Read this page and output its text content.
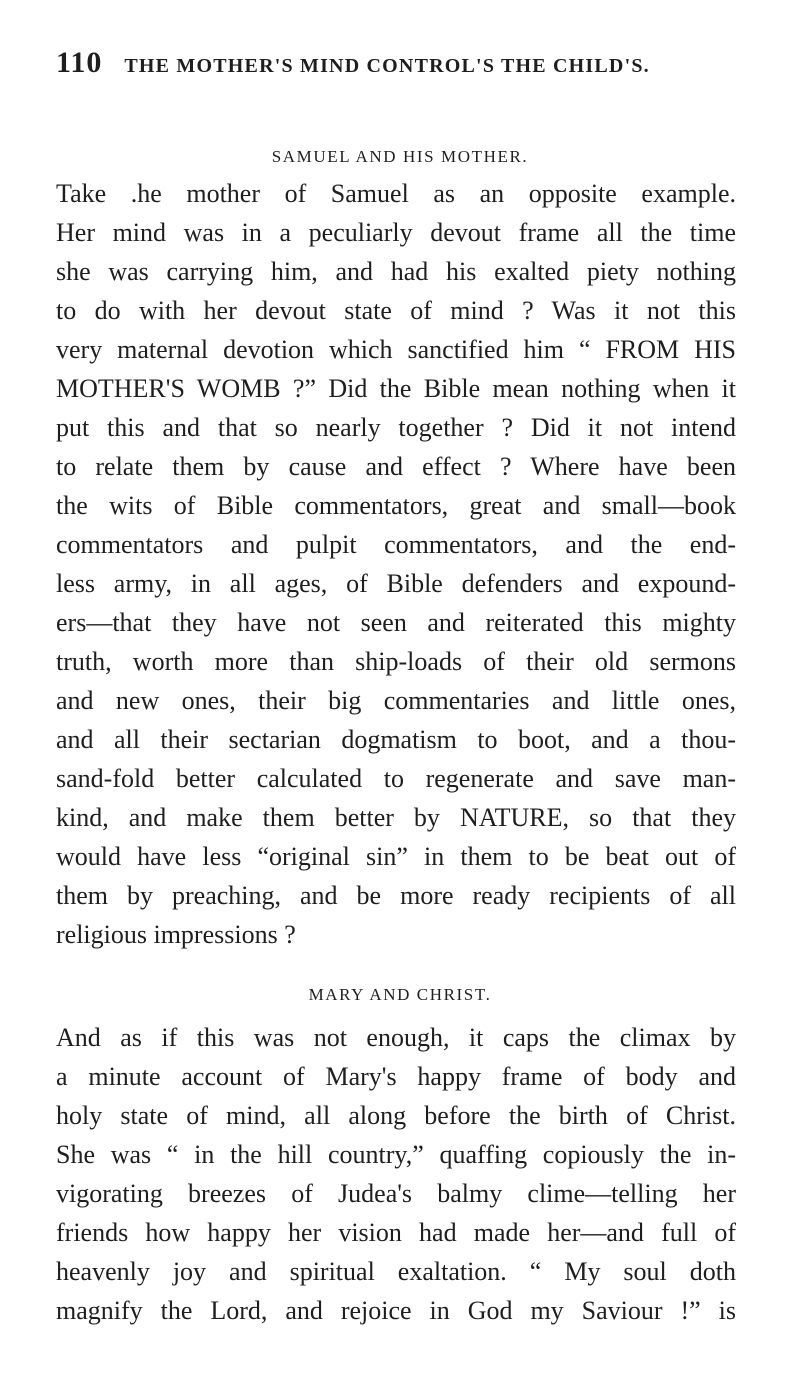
110 THE MOTHER'S MIND CONTROL'S THE CHILD'S.
SAMUEL AND HIS MOTHER.
Take .he mother of Samuel as an opposite example.
Her mind was in a peculiarly devout frame all the time
she was carrying him, and had his exalted piety nothing
to do with her devout state of mind ? Was it not this
very maternal devotion which sanctified him “ FROM HIS
MOTHER'S WOMB ?” Did the Bible mean nothing when it
put this and that so nearly together ? Did it not intend
to relate them by cause and effect ? Where have been
the wits of Bible commentators, great and small—book
commentators and pulpit commentators, and the end-
less army, in all ages, of Bible defenders and expound-
ers—that they have not seen and reiterated this mighty
truth, worth more than ship-loads of their old sermons
and new ones, their big commentaries and little ones,
and all their sectarian dogmatism to boot, and a thou-
sand-fold better calculated to regenerate and save man-
kind, and make them better by NATURE, so that they
would have less “original sin” in them to be beat out of
them by preaching, and be more ready recipients of all
religious impressions ?
MARY AND CHRIST.
And as if this was not enough, it caps the climax by
a minute account of Mary's happy frame of body and
holy state of mind, all along before the birth of Christ.
She was “ in the hill country,” quaffing copiously the in-
vigorating breezes of Judea's balmy clime—telling her
friends how happy her vision had made her—and full of
heavenly joy and spiritual exaltation. “ My soul doth
magnify the Lord, and rejoice in God my Saviour !” is
